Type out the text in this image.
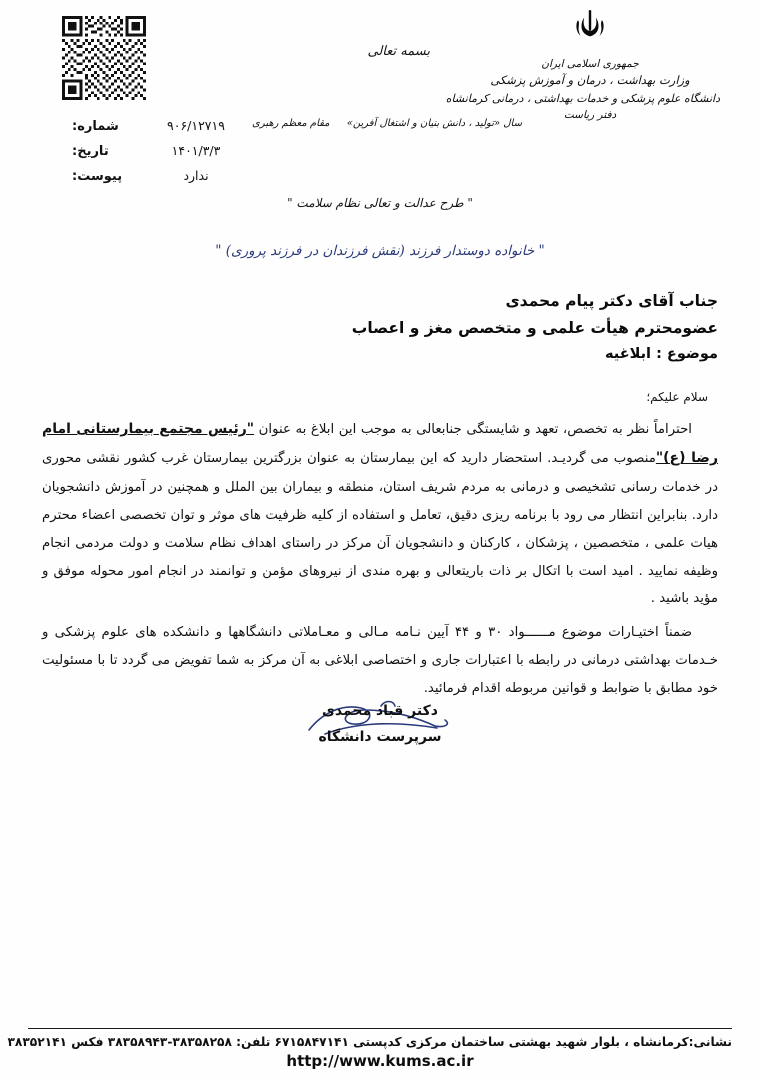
بسمه تعالی
جمهوری اسلامی ایران
وزارت بهداشت ، درمان و آموزش پزشکی
دانشگاه علوم پزشکی و خدمات بهداشتی ، درمانی کرمانشاه
دفتر ریاست
سال «تولید ، دانش بنیان و اشتغال آفرین» مقام معظم رهبری
۹۰۶/۱۲۷۱۹
شماره:
۱۴۰۱/۳/۳
تاریخ:
ندارد
پیوست:
" طرح عدالت و تعالی نظام سلامت "
" خانواده دوستدار فرزند (نقش فرزندان در فرزند پروری) "
جناب آقای دکتر پیام محمدی
عضومحترم هیأت علمی و متخصص مغز و اعصاب
موضوع : ابلاغیه
سلام علیکم؛

احتراماً نظر به تخصص، تعهد و شایستگی جنابعالی به موجب این ابلاغ به عنوان "رئیس مجتمع بیمارستانی امام رضا (ع)"منصوب می گردیـد. استحضار دارید که این بیمارستان به عنوان بزرگترین بیمارستان غرب کشور نقشی محوری در خدمات رسانی تشخیصی و درمانی به مردم شریف استان، منطقه و بیماران بین الملل و همچنین در آموزش دانشجویان دارد. بنابراین انتظار می رود با برنامه ریزی دقیق، تعامل و استفاده از کلیه ظرفیت های موثر و توان تخصصی اعضاء محترم هیات علمی ، متخصصین ، پزشکان ، کارکنان و دانشجویان آن مرکز در راستای اهداف نظام سلامت و دولت مردمی انجام وظیفه نمایید . امید است با اتکال بر ذات باریتعالی و بهره مندی از نیروهای مؤمن و توانمند در انجام امور محوله موفق و مؤید باشید .

ضمناً اختیـارات موضوع مــــــواد ۳۰ و ۴۴ آیین نـامه مـالی و معـاملاتی دانشگاهها و دانشکده های علوم پزشکی و خـدمات بهداشتی درمانی در رابطه با اعتبارات جاری و اختصاصی ابلاغی به آن مرکز به شما تفویض می گردد تا با مسئولیت خود مطابق با ضوابط و قوانین مربوطه اقدام فرمائید.

دکتر قباد محمدی
سرپرست دانشگاه
نشانی:کرمانشاه ، بلوار شهید بهشتی ساختمان مرکزی کدپستی ۶۷۱۵۸۴۷۱۴۱ تلفن: ۳۸۳۵۸۲۵۸-۳۸۳۵۸۹۴۳ فکس ۳۸۳۵۲۱۴۱
http://www.kums.ac.ir
